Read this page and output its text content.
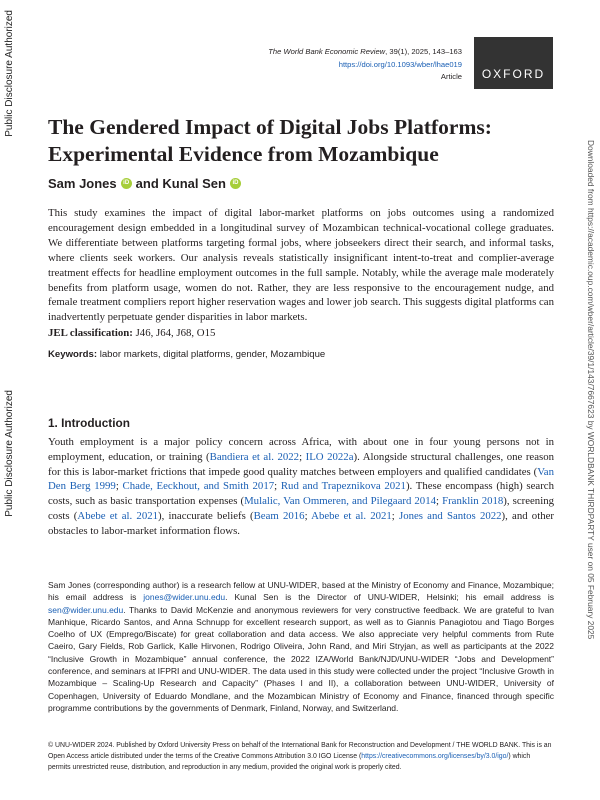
Public Disclosure Authorized
Public Disclosure Authorized	Downloaded from https://academic.oup.com/wber/article/39/1/143/7667623 by WORLDBANK THIRDPARTY user on 05 February 2025
The World Bank Economic Review, 39(1), 2025, 143–163
https://doi.org/10.1093/wber/lhae019
Article	OXFORD
The Gendered Impact of Digital Jobs Platforms:
Experimental Evidence from Mozambique
Sam Jones	iD and Kunal Sen	iD
This study examines the impact of digital labor-market platforms on jobs outcomes using a randomized encouragement design embedded in a longitudinal survey of Mozambican technical-vocational college graduates. We differentiate between platforms targeting formal jobs, where jobseekers direct their search, and informal tasks, where clients seek workers. Our analysis reveals statistically insignificant intent-to-treat and complier-average treatment effects for headline employment outcomes in the full sample. Notably, while the average male moderately benefits from platform usage, women do not. Rather, they are less responsive to the encouragement nudge, and female treatment compliers report higher reservation wages and lower job search. This suggests digital platforms can inadvertently perpetuate gender disparities in labor markets.
JEL classification: J46, J64, J68, O15
Keywords: labor markets, digital platforms, gender, Mozambique
1. Introduction
Youth employment is a major policy concern across Africa, with about one in four young persons not in employment, education, or training (Bandiera et al. 2022; ILO 2022a). Alongside structural challenges, one reason for this is labor-market frictions that impede good quality matches between employers and qualified candidates (Van Den Berg 1999; Chade, Eeckhout, and Smith 2017; Rud and Trapeznikova 2021). These encompass (high) search costs, such as basic transportation expenses (Mulalic, Van Ommeren, and Pilegaard 2014; Franklin 2018), screening costs (Abebe et al. 2021), inaccurate beliefs (Beam 2016; Abebe et al. 2021; Jones and Santos 2022), and other obstacles to labor-market information flows.
Sam Jones (corresponding author) is a research fellow at UNU-WIDER, based at the Ministry of Economy and Finance, Mozambique; his email address is jones@wider.unu.edu. Kunal Sen is the Director of UNU-WIDER, Helsinki; his email address is sen@wider.unu.edu. Thanks to David McKenzie and anonymous reviewers for very constructive feedback. We are grateful to Ivan Manhique, Ricardo Santos, and Anna Schnupp for excellent research support, as well as to Giannis Panagiotou and Tiago Borges Coelho of UX (Emprego/Biscate) for great collaboration and data access. We also appreciate very helpful comments from Rute Caeiro, Gary Fields, Rob Garlick, Kalle Hirvonen, Rodrigo Oliveira, John Rand, and Miri Stryjan, as well as participants at the 2022 “Inclusive Growth in Mozambique” annual conference, the 2022 IZA/World Bank/NJD/UNU-WIDER “Jobs and Development” conference, and seminars at IFPRI and UNU-WIDER. The data used in this study were collected under the project “Inclusive Growth in Mozambique – Scaling-Up Research and Capacity” (Phases I and II), a collaboration between UNU-WIDER, University of Copenhagen, University of Eduardo Mondlane, and the Mozambican Ministry of Economy and Finance, financed through specific programme contributions by the governments of Denmark, Finland, Norway, and Switzerland.
© UNU-WIDER 2024. Published by Oxford University Press on behalf of the International Bank for Reconstruction and Development / THE WORLD BANK. This is an Open Access article distributed under the terms of the Creative Commons Attribution 3.0 IGO License (https://creativecommons.org/licenses/by/3.0/igo/) which permits unrestricted reuse, distribution, and reproduction in any medium, provided the original work is properly cited.
